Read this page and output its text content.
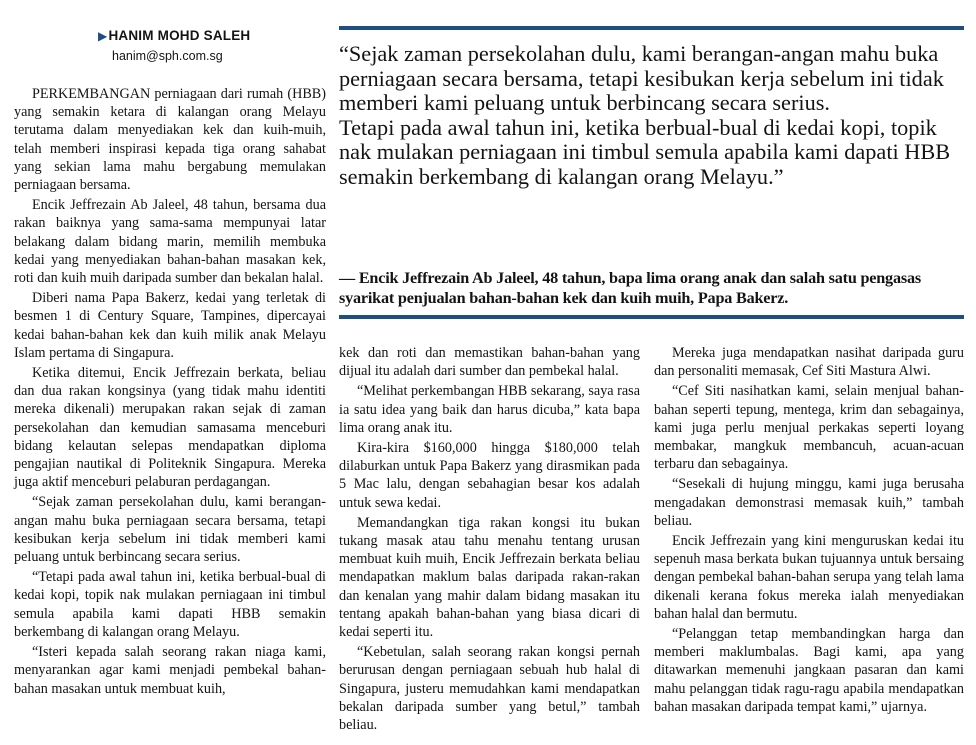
▶HANIM MOHD SALEH
hanim@sph.com.sg	“Sejak zaman persekolahan dulu, kami berangan-angan mahu buka perniagaan secara bersama, tetapi kesibukan kerja sebelum ini tidak memberi kami peluang untuk berbincang secara serius.

Tetapi pada awal tahun ini, ketika berbual-bual di kedai kopi, topik nak mulakan perniagaan ini timbul semula apabila kami dapati HBB semakin berkembang di kalangan orang Melayu.”

— Encik Jeffrezain Ab Jaleel, 48 tahun, bapa lima orang anak dan salah satu pengasas syarikat penjualan bahan-bahan kek dan kuih muih, Papa Bakerz.

PERKEMBANGAN perniagaan dari rumah (HBB) yang semakin ketara di kalangan orang Melayu terutama dalam menyediakan kek dan kuih-muih, telah memberi inspirasi kepada tiga orang sahabat yang sekian lama mahu bergabung memulakan perniagaan bersama.

Encik Jeffrezain Ab Jaleel, 48 tahun, bersama dua rakan baiknya yang sama-sama mempunyai latar belakang dalam bidang marin, memilih membuka kedai yang menyediakan bahan-bahan masakan kek, roti dan kuih muih daripada sumber dan bekalan halal.

Diberi nama Papa Bakerz, kedai yang terletak di besmen 1 di Century Square, Tampines, dipercayai kedai bahan-bahan kek dan kuih milik anak Melayu Islam pertama di Singapura.

Ketika ditemui, Encik Jeffrezain berkata, beliau dan dua rakan kongsinya (yang tidak mahu identiti mereka dikenali) merupakan rakan sejak di zaman persekolahan dan kemudian samasama menceburi bidang kelautan selepas mendapatkan diploma pengajian nautikal di Politeknik Singapura. Mereka juga aktif menceburi pelaburan perdagangan.

“Sejak zaman persekolahan dulu, kami berangan-angan mahu buka perniagaan secara bersama, tetapi kesibukan kerja sebelum ini tidak memberi kami peluang untuk berbincang secara serius.

“Tetapi pada awal tahun ini, ketika berbual-bual di kedai kopi, topik nak mulakan perniagaan ini timbul semula apabila kami dapati HBB semakin berkembang di kalangan orang Melayu.

“Isteri kepada salah seorang rakan niaga kami, menyarankan agar kami menjadi pembekal bahan-bahan masakan untuk membuat kuih,

kek dan roti dan memastikan bahan-bahan yang dijual itu adalah dari sumber dan pembekal halal.

“Melihat perkembangan HBB sekarang, saya rasa ia satu idea yang baik dan harus dicuba,” kata bapa lima orang anak itu.

Kira-kira $160,000 hingga $180,000 telah dilaburkan untuk Papa Bakerz yang dirasmikan pada 5 Mac lalu, dengan sebahagian besar kos adalah untuk sewa kedai.

Memandangkan tiga rakan kongsi itu bukan tukang masak atau tahu menahu tentang urusan membuat kuih muih, Encik Jeffrezain berkata beliau mendapatkan maklum balas daripada rakan-rakan dan kenalan yang mahir dalam bidang masakan itu tentang apakah bahan-bahan yang biasa dicari di kedai seperti itu.

“Kebetulan, salah seorang rakan kongsi pernah berurusan dengan perniagaan sebuah hub halal di Singapura, justeru memudahkan kami mendapatkan bekalan daripada sumber yang betul,” tambah beliau.

Mereka juga mendapatkan nasihat daripada guru dan personaliti memasak, Cef Siti Mastura Alwi.

“Cef Siti nasihatkan kami, selain menjual bahan-bahan seperti tepung, mentega, krim dan sebagainya, kami juga perlu menjual perkakas seperti loyang membakar, mangkuk membancuh, acuan-acuan terbaru dan sebagainya.

“Sesekali di hujung minggu, kami juga berusaha mengadakan demonstrasi memasak kuih,” tambah beliau.

Encik Jeffrezain yang kini menguruskan kedai itu sepenuh masa berkata bukan tujuannya untuk bersaing dengan pembekal bahan-bahan serupa yang telah lama dikenali kerana fokus mereka ialah menyediakan bahan halal dan bermutu.

“Pelanggan tetap membandingkan harga dan memberi maklumbalas. Bagi kami, apa yang ditawarkan memenuhi jangkaan pasaran dan kami mahu pelanggan tidak ragu-ragu apabila mendapatkan bahan masakan daripada tempat kami,” ujarnya.
